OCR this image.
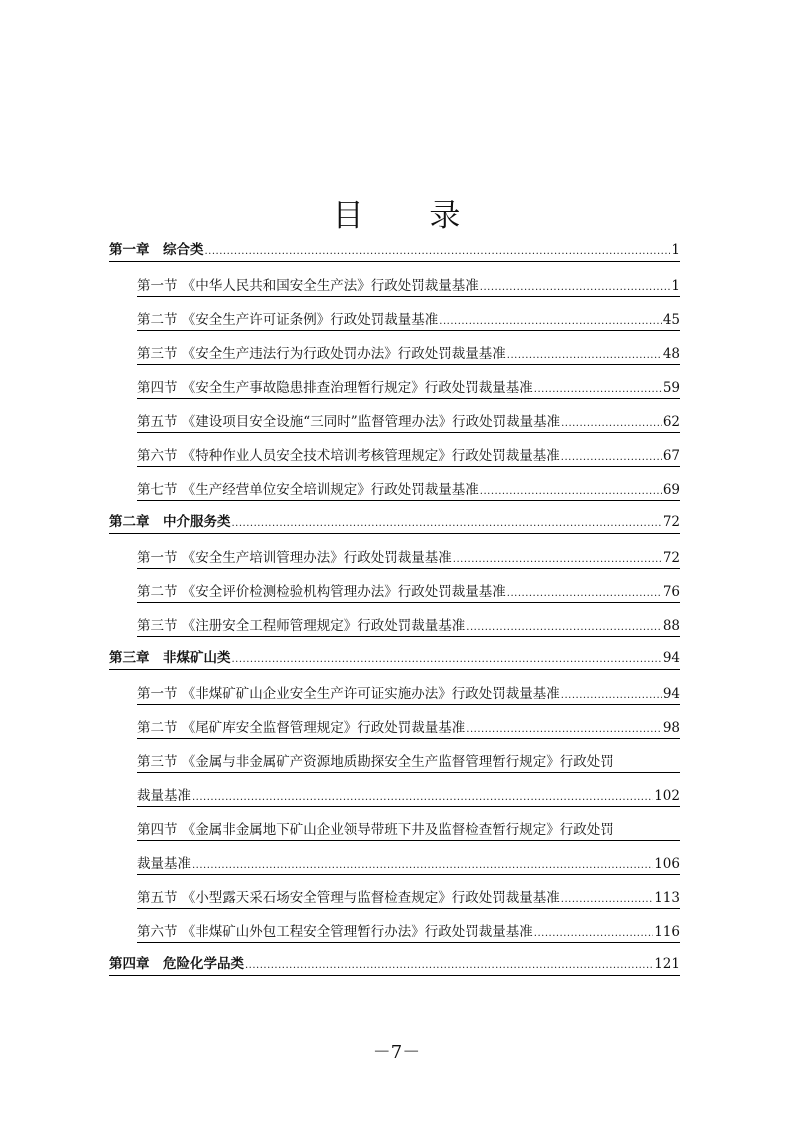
目 录
第一章　综合类 .....	1
第一节 《中华人民共和国安全生产法》行政处罚裁量基准 .....	1
第二节 《安全生产许可证条例》行政处罚裁量基准 .....	45
第三节 《安全生产违法行为行政处罚办法》行政处罚裁量基准 .....	48
第四节 《安全生产事故隐患排查治理暂行规定》行政处罚裁量基准 .....	59
第五节 《建设项目安全设施“三同时”监督管理办法》行政处罚裁量基准 .....	62
第六节 《特种作业人员安全技术培训考核管理规定》行政处罚裁量基准 .....	67
第七节 《生产经营单位安全培训规定》行政处罚裁量基准 .....	69
第二章　中介服务类 .....	72
第一节 《安全生产培训管理办法》行政处罚裁量基准 .....	72
第二节 《安全评价检测检验机构管理办法》行政处罚裁量基准 .....	76
第三节 《注册安全工程师管理规定》行政处罚裁量基准 .....	88
第三章　非煤矿山类 .....	94
第一节 《非煤矿矿山企业安全生产许可证实施办法》行政处罚裁量基准 .....	94
第二节 《尾矿库安全监督管理规定》行政处罚裁量基准 .....	98
第三节 《金属与非金属矿产资源地质勘探安全生产监督管理暂行规定》行政处罚
裁量基准 .....	102
第四节 《金属非金属地下矿山企业领导带班下井及监督检查暂行规定》行政处罚
裁量基准 .....	106
第五节 《小型露天采石场安全管理与监督检查规定》行政处罚裁量基准 .....	113
第六节 《非煤矿山外包工程安全管理暂行办法》行政处罚裁量基准 .....	116
第四章　危险化学品类 .....	121
－7－
